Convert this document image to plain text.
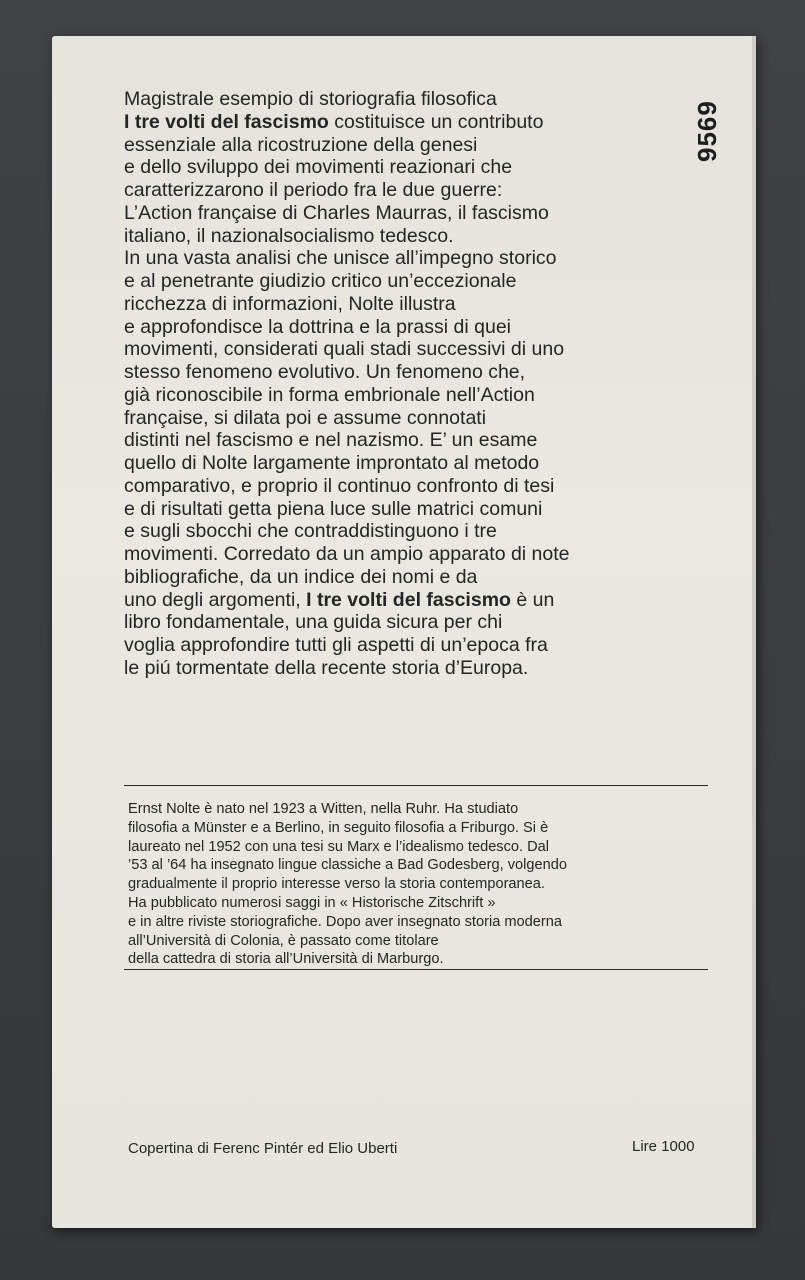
9569
Magistrale esempio di storiografia filosofica
I tre volti del fascismo costituisce un contributo
essenziale alla ricostruzione della genesi
e dello sviluppo dei movimenti reazionari che
caratterizzarono il periodo fra le due guerre:
L’Action française di Charles Maurras, il fascismo
italiano, il nazionalsocialismo tedesco.
In una vasta analisi che unisce all’impegno storico
e al penetrante giudizio critico un’eccezionale
ricchezza di informazioni, Nolte illustra
e approfondisce la dottrina e la prassi di quei
movimenti, considerati quali stadi successivi di uno
stesso fenomeno evolutivo. Un fenomeno che,
già riconoscibile in forma embrionale nell’Action
française, si dilata poi e assume connotati
distinti nel fascismo e nel nazismo. E’ un esame
quello di Nolte largamente improntato al metodo
comparativo, e proprio il continuo confronto di tesi
e di risultati getta piena luce sulle matrici comuni
e sugli sbocchi che contraddistinguono i tre
movimenti. Corredato da un ampio apparato di note
bibliografiche, da un indice dei nomi e da
uno degli argomenti, I tre volti del fascismo è un
libro fondamentale, una guida sicura per chi
voglia approfondire tutti gli aspetti di un’epoca fra
le piú tormentate della recente storia d’Europa.
Ernst Nolte è nato nel 1923 a Witten, nella Ruhr. Ha studiato
filosofia a Münster e a Berlino, in seguito filosofia a Friburgo. Si è
laureato nel 1952 con una tesi su Marx e l’idealismo tedesco. Dal
’53 al ’64 ha insegnato lingue classiche a Bad Godesberg, volgendo
gradualmente il proprio interesse verso la storia contemporanea.
Ha pubblicato numerosi saggi in « Historische Zitschrift »
e in altre riviste storiografiche. Dopo aver insegnato storia moderna
all’Università di Colonia, è passato come titolare
della cattedra di storia all’Università di Marburgo.
Copertina di Ferenc Pintér ed Elio Uberti	Lire 1000
